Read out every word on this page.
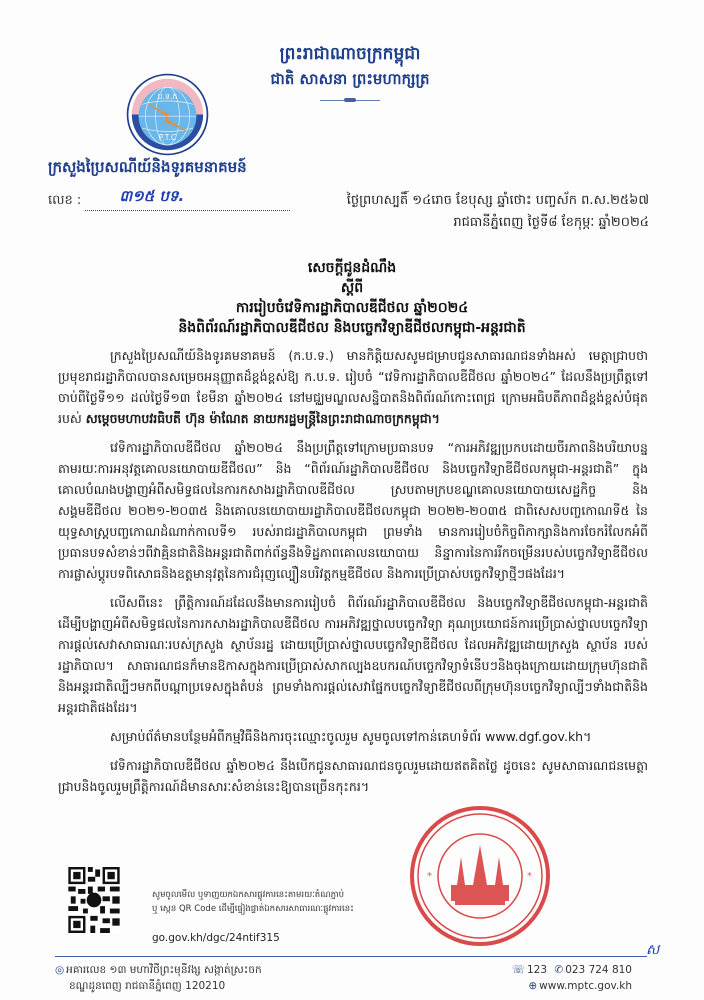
ព្រះរាជាណាចក្រកម្ពុជា
ជាតិ សាសនា ព្រះមហាក្សត្រ
ប.ទ.ក
P.T.C
ក្រសួងប្រៃសណីយ៍និងទូរគមនាគមន៍
លេខ :	៣១៥ បទ.	ថ្ងៃព្រហស្បតិ៍ ១៤រោច ខែបុស្ស ឆ្នាំថោះ បញ្ចស័ក ព.ស.២៥៦៧
រាជធានីភ្នំពេញ ថ្ងៃទី៨ ខែកុម្ភៈ ឆ្នាំ២០២៤
សេចក្តីជូនដំណឹង
ស្តីពី
ការរៀបចំវេទិការដ្ឋាភិបាលឌីជីថល ឆ្នាំ២០២៤
និងពិព័រណ៍រដ្ឋាភិបាលឌីជីថល និងបច្ចេកវិទ្យាឌីជីថលកម្ពុជា-អន្តរជាតិ

ក្រសួងប្រៃសណីយ៍និងទូរគមនាគមន៍ (ក.ប.ទ.) មានកិត្តិយសសូមជម្រាបជូនសាធារណជនទាំងអស់ មេត្តាជ្រាបថា ប្រមុខរាជរដ្ឋាភិបាលបានសម្រេចអនុញ្ញាតដ៏ខ្ពង់ខ្ពស់ឱ្យ ក.ប.ទ. រៀបចំ “វេទិការដ្ឋាភិបាលឌីជីថល ឆ្នាំ២០២៤” ដែលនឹងប្រព្រឹត្តទៅចាប់ពីថ្ងៃទី១១ ដល់ថ្ងៃទី១៣ ខែមីនា ឆ្នាំ២០២៤ នៅមជ្ឈមណ្ឌលសន្និបាតនិងពិព័រណ៍កោះពេជ្រ ក្រោមអធិបតីភាពដ៏ខ្ពង់ខ្ពស់បំផុតរបស់ សម្តេចមហាបវរធិបតី ហ៊ុន ម៉ាណែត នាយករដ្ឋមន្ត្រីនៃព្រះរាជាណាចក្រកម្ពុជា។

វេទិការដ្ឋាភិបាលឌីជីថល ឆ្នាំ២០២៤ នឹងប្រព្រឹត្តទៅក្រោមប្រធានបទ “ការអភិវឌ្ឍប្រកបដោយចីរភាពនិងបរិយាបន្នតាមរយៈការអនុវត្តគោលនយោបាយឌីជីថល” និង “ពិព័រណ៍រដ្ឋាភិបាលឌីជីថល និងបច្ចេកវិទ្យាឌីជីថលកម្ពុជា-អន្តរជាតិ” ក្នុងគោលបំណងបង្ហាញអំពីសមិទ្ធផលនៃការកសាងរដ្ឋាភិបាលឌីជីថល ស្របតាមក្របខណ្ឌគោលនយោបាយសេដ្ឋកិច្ច និង សង្គមឌីជីថល ២០២១-២០៣៥ និងគោលនយោបាយរដ្ឋាភិបាលឌីជីថលកម្ពុជា ២០២២-២០៣៥ ជាពិសេសបញ្ចកោណទី៥ នៃយុទ្ធសាស្ត្របញ្ចកោណដំណាក់កាលទី១ របស់រាជរដ្ឋាភិបាលកម្ពុជា ព្រមទាំង មានការរៀបចំកិច្ចពិភាក្សានិងការចែករំលែកអំពីប្រធានបទសំខាន់ៗពីវាគ្មិនជាតិនិងអន្តរជាតិពាក់ព័ន្ធនឹងទិដ្ឋភាពគោលនយោបាយ និន្នាការនៃការរីកចម្រើនរបស់បច្ចេកវិទ្យាឌីជីថល ការផ្លាស់ប្តូរបទពិសោធនិងឧត្តមានុវត្តនៃការជំរុញល្បឿនបរិវត្តកម្មឌីជីថល និងការប្រើប្រាស់បច្ចេកវិទ្យាថ្មីៗផងដែរ។

លើសពីនេះ ព្រឹត្តិការណ៍ដដែលនឹងមានការរៀបចំ ពិព័រណ៍រដ្ឋាភិបាលឌីជីថល និងបច្ចេកវិទ្យាឌីជីថលកម្ពុជា-អន្តរជាតិ ដើម្បីបង្ហាញអំពីសមិទ្ធផលនៃការកសាងរដ្ឋាភិបាលឌីជីថល ការអភិវឌ្ឍថ្នាលបច្ចេកវិទ្យា គុណប្រយោជន៍ការប្រើប្រាស់ថ្នាលបច្ចេកវិទ្យា ការផ្តល់សេវាសាធារណៈរបស់ក្រសួង ស្ថាប័នរដ្ឋ ដោយប្រើប្រាស់ថ្នាលបច្ចេកវិទ្យាឌីជីថល ដែលអភិវឌ្ឍដោយក្រសួង ស្ថាប័ន របស់រដ្ឋាភិបាល។ សាធារណជនក៏មានឱកាសក្នុងការប្រើប្រាស់សាកល្បងឧបករណ៍បច្ចេកវិទ្យាទំនើបៗនិងចុងក្រោយដោយក្រុមហ៊ុនជាតិ និងអន្តរជាតិល្បីៗមកពីបណ្តាប្រទេសក្នុងតំបន់ ព្រមទាំងការផ្តល់សេវាផ្នែកបច្ចេកវិទ្យាឌីជីថលពីក្រុមហ៊ុនបច្ចេកវិទ្យាល្បីៗទាំងជាតិនិងអន្តរជាតិផងដែរ។

សម្រាប់ព័ត៌មានបន្ថែមអំពីកម្មវិធីនិងការចុះឈ្មោះចូលរួម សូមចូលទៅកាន់គេហទំព័រ www.dgf.gov.kh។

វេទិការដ្ឋាភិបាលឌីជីថល ឆ្នាំ២០២៤ នឹងបើកជូនសាធារណជនចូលរួមដោយឥតគិតថ្លៃ ដូចនេះ សូមសាធារណជនមេត្តាជ្រាបនិងចូលរួមព្រឹត្តិការណ៍ដ៏មានសារៈសំខាន់នេះឱ្យបានច្រើនកុះករ។

សូមចូលមើល ឬទាញយកឯកសារផ្លូវការនេះតាមរយៈតំណភ្ជាប់
ឬ ស្កេន QR Code ដើម្បីផ្ទៀងផ្ទាត់ឯកសារសាធារណៈផ្លូវការនេះ
go.gov.kh/dgc/24ntif315
*	*
ស
◎ អគារលេខ ១៣ មហាវិថីព្រះមុនីវង្ស សង្កាត់ស្រះចក
ខណ្ឌដូនពេញ រាជធានីភ្នំពេញ 120210
☏ 123 ✆ 023 724 810
⊕ www.mptc.gov.kh
